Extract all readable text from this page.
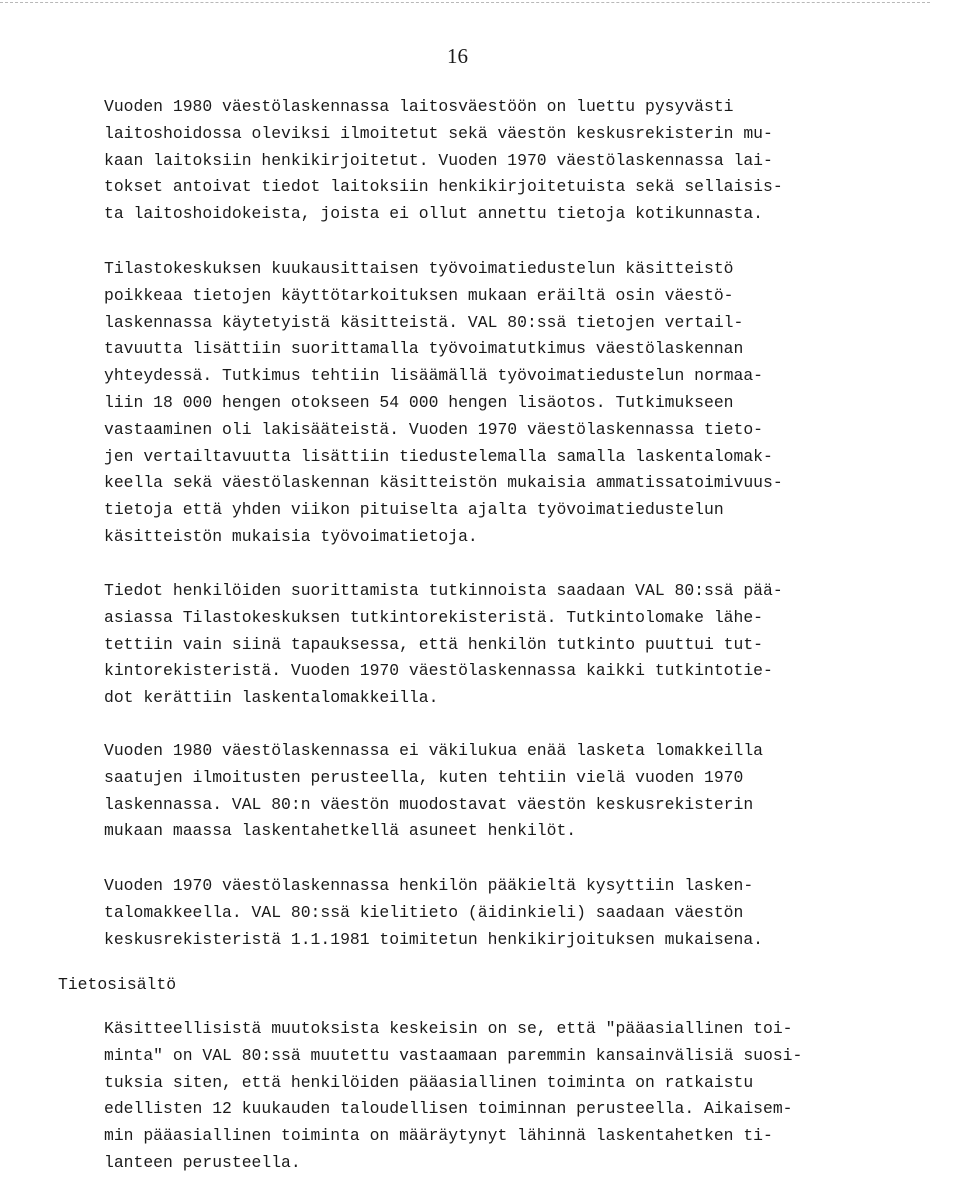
16
Vuoden 1980 väestölaskennassa laitosväestöön on luettu pysyvästi
laitoshoidossa oleviksi ilmoitetut sekä väestön keskusrekisterin mu-
kaan laitoksiin henkikirjoitetut. Vuoden 1970 väestölaskennassa lai-
tokset antoivat tiedot laitoksiin henkikirjoitetuista sekä sellaisis-
ta laitoshoidokeista, joista ei ollut annettu tietoja kotikunnasta.
Tilastokeskuksen kuukausittaisen työvoimatiedustelun käsitteistö
poikkeaa tietojen käyttötarkoituksen mukaan eräiltä osin väestö-
laskennassa käytetyistä käsitteistä. VAL 80:ssä tietojen vertail-
tavuutta lisättiin suorittamalla työvoimatutkimus väestölaskennan
yhteydessä. Tutkimus tehtiin lisäämällä työvoimatiedustelun normaa-
liin 18 000 hengen otokseen 54 000 hengen lisäotos. Tutkimukseen
vastaaminen oli lakisääteistä. Vuoden 1970 väestölaskennassa tieto-
jen vertailtavuutta lisättiin tiedustelemalla samalla laskentalomak-
keella sekä väestölaskennan käsitteistön mukaisia ammatissatoimivuus-
tietoja että yhden viikon pituiselta ajalta työvoimatiedustelun
käsitteistön mukaisia työvoimatietoja.
Tiedot henkilöiden suorittamista tutkinnoista saadaan VAL 80:ssä pää-
asiassa Tilastokeskuksen tutkintorekisteristä. Tutkintolomake lähe-
tettiin vain siinä tapauksessa, että henkilön tutkinto puuttui tut-
kintorekisteristä. Vuoden 1970 väestölaskennassa kaikki tutkintotie-
dot kerättiin laskentalomakkeilla.
Vuoden 1980 väestölaskennassa ei väkilukua enää lasketa lomakkeilla
saatujen ilmoitusten perusteella, kuten tehtiin vielä vuoden 1970
laskennassa. VAL 80:n väestön muodostavat väestön keskusrekisterin
mukaan maassa laskentahetkellä asuneet henkilöt.
Vuoden 1970 väestölaskennassa henkilön pääkieltä kysyttiin lasken-
talomakkeella. VAL 80:ssä kielitieto (äidinkieli) saadaan väestön
keskusrekisteristä 1.1.1981 toimitetun henkikirjoituksen mukaisena.
Tietosisältö
Käsitteellisistä muutoksista keskeisin on se, että "pääasiallinen toi-
minta" on VAL 80:ssä muutettu vastaamaan paremmin kansainvälisiä suosi-
tuksia siten, että henkilöiden pääasiallinen toiminta on ratkaistu
edellisten 12 kuukauden taloudellisen toiminnan perusteella. Aikaisem-
min pääasiallinen toiminta on määräytynyt lähinnä laskentahetken ti-
lanteen perusteella.
